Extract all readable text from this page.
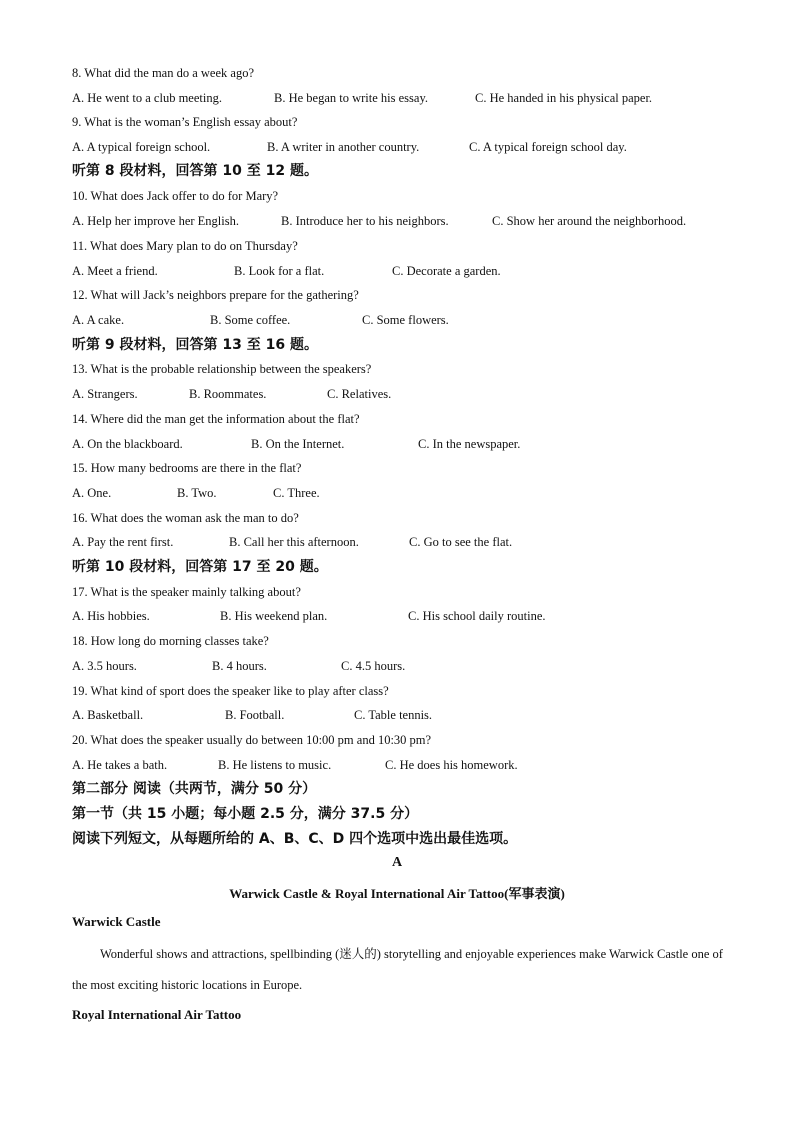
8. What did the man do a week ago?
A. He went to a club meeting.	B. He began to write his essay.	C. He handed in his physical paper.
9. What is the woman’s English essay about?
A. A typical foreign school.	B. A writer in another country.	C. A typical foreign school day.
听第 8 段材料，回答第 10 至 12 题。
10. What does Jack offer to do for Mary?
A. Help her improve her English.	B. Introduce her to his neighbors.	C. Show her around the neighborhood.
11. What does Mary plan to do on Thursday?
A. Meet a friend.	B. Look for a flat.	C. Decorate a garden.
12. What will Jack’s neighbors prepare for the gathering?
A. A cake.	B. Some coffee.	C. Some flowers.
听第 9 段材料，回答第 13 至 16 题。
13. What is the probable relationship between the speakers?
A. Strangers.	B. Roommates.	C. Relatives.
14. Where did the man get the information about the flat?
A. On the blackboard.	B. On the Internet.	C. In the newspaper.
15. How many bedrooms are there in the flat?
A. One.	B. Two.	C. Three.
16. What does the woman ask the man to do?
A. Pay the rent first.	B. Call her this afternoon.	C. Go to see the flat.
听第 10 段材料，回答第 17 至 20 题。
17. What is the speaker mainly talking about?
A. His hobbies.	B. His weekend plan.	C. His school daily routine.
18. How long do morning classes take?
A. 3.5 hours.	B. 4 hours.	C. 4.5 hours.
19. What kind of sport does the speaker like to play after class?
A. Basketball.	B. Football.	C. Table tennis.
20. What does the speaker usually do between 10:00 pm and 10:30 pm?
A. He takes a bath.	B. He listens to music.	C. He does his homework.
第二部分 阅读（共两节，满分 50 分）
第一节（共 15 小题；每小题 2.5 分，满分 37.5 分）
阅读下列短文，从每题所给的 A、B、C、D 四个选项中选出最佳选项。
A
Warwick Castle & Royal International Air Tattoo(军事表演)
Warwick Castle
Wonderful shows and attractions, spellbinding (迷人的) storytelling and enjoyable experiences make Warwick Castle one of the most exciting historic locations in Europe.
Royal International Air Tattoo
